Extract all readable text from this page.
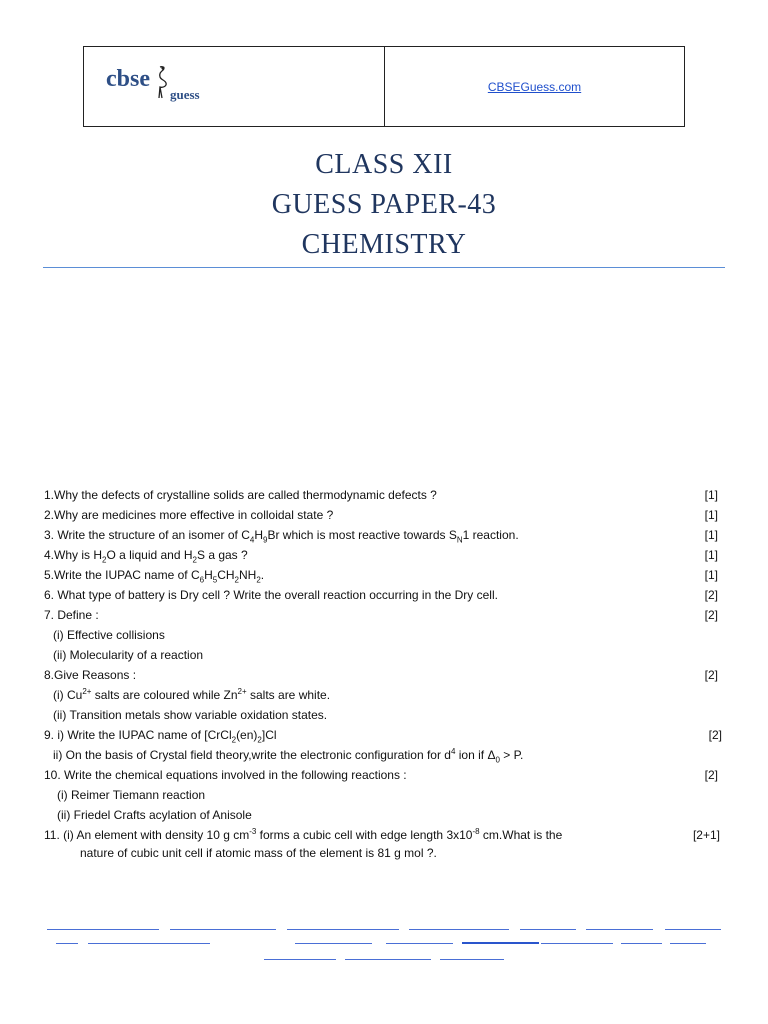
cbse
guess
CBSEGuess.com
CLASS XII
GUESS PAPER-43
CHEMISTRY
1.Why the defects of crystalline solids are called thermodynamic defects ?	[1]
2.Why are medicines more effective in colloidal state ?	[1]
3. Write the structure of an isomer of $C_4H_9Br$ which is most reactive towards $S_N1$ reaction.	[1]
4.Why is $H_2O$ a liquid and $H_2S$ a gas ?	[1]
5.Write the IUPAC name of $C_6H_5CH_2NH_2$.	[1]
6. What type of battery is Dry cell ? Write the overall reaction occurring in the Dry cell.	[2]
7. Define :	[2]
(i) Effective collisions
(ii) Molecularity of a reaction
8.Give Reasons :	[2]
(i) $Cu^{2+}$ salts are coloured while $Zn^{2+}$ salts are white.
(ii) Transition metals show variable oxidation states.
9. i) Write the IUPAC name of $[CrCl_2(en)_2]Cl$	[2]
ii) On the basis of Crystal field theory,write the electronic configuration for $d^4$ ion if $\Delta_0 > P$.
10. Write the chemical equations involved in the following reactions :	[2]
(i) Reimer Tiemann reaction
(ii) Friedel Crafts acylation of Anisole
11. (i) An element with density 10 g $cm^{-3}$ forms a cubic cell with edge length $3x10^{-8}$ cm.What is the	[2+1]
nature of cubic unit cell if atomic mass of the element is 81 g mol ?.
